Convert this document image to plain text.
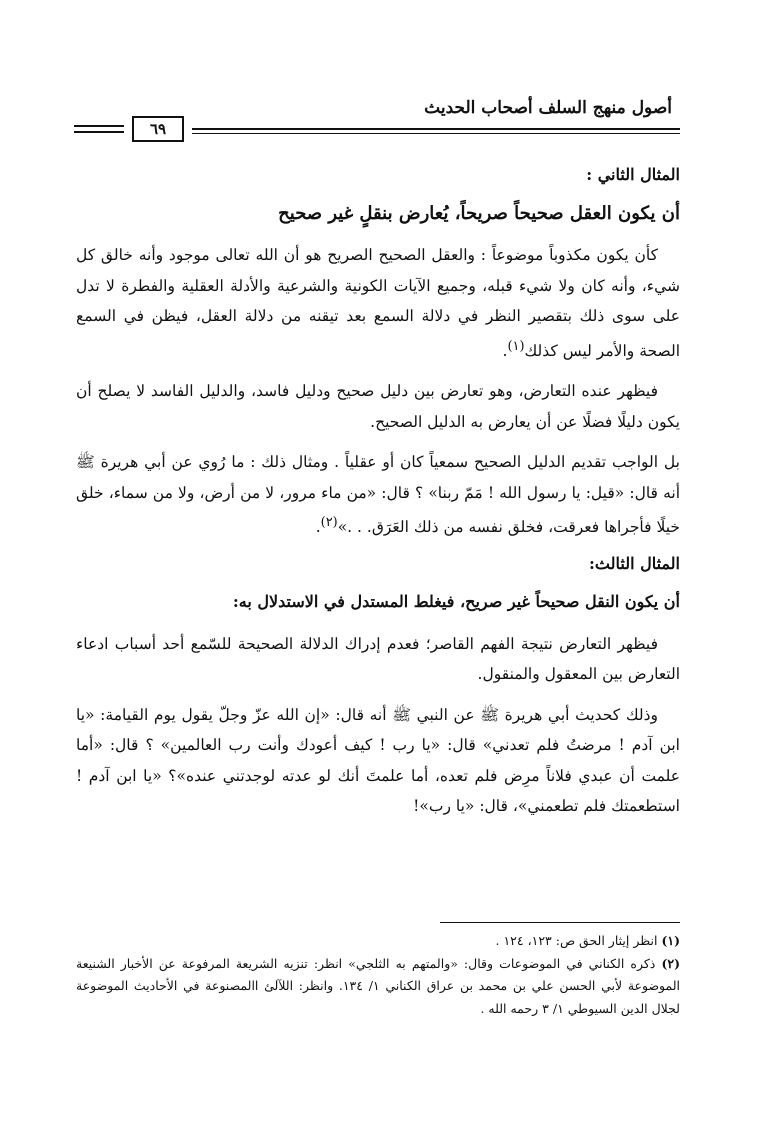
أصول منهج السلف أصحاب الحديث
٦٩

المثال الثاني :

أن يكون العقل صحيحاً صريحاً، يُعارض بنقلٍ غير صحيح

كأن يكون مكذوباً موضوعاً : والعقل الصحيح الصريح هو أن الله تعالى موجود وأنه خالق كل شيء، وأنه كان ولا شيء قبله، وجميع الآيات الكونية والشرعية والأدلة العقلية والفطرة لا تدل على سوى ذلك بتقصير النظر في دلالة السمع بعد تيقنه من دلالة العقل، فيظن في السمع الصحة والأمر ليس كذلك$^{(١)}$.

فيظهر عنده التعارض، وهو تعارض بين دليل صحيح ودليل فاسد، والدليل الفاسد لا يصلح أن يكون دليلًا فضلًا عن أن يعارض به الدليل الصحيح.

بل الواجب تقديم الدليل الصحيح سمعياً كان أو عقلياً . ومثال ذلك : ما رُوي عن أبي هريرة ﷺ أنه قال: «قيل: يا رسول الله ! مَمّ ربنا» ؟ قال: «من ماء مرور، لا من أرض، ولا من سماء، خلق خيلًا فأجراها فعرقت، فخلق نفسه من ذلك العَرَق. . .»$^{(٢)}$.

المثال الثالث:

أن يكون النقل صحيحاً غير صريح، فيغلط المستدل في الاستدلال به:

فيظهر التعارض نتيجة الفهم القاصر؛ فعدم إدراك الدلالة الصحيحة للسّمع أحد أسباب ادعاء التعارض بين المعقول والمنقول.

وذلك كحديث أبي هريرة ﷺ عن النبي ﷺ أنه قال: «إن الله عزّ وجلّ يقول يوم القيامة: «يا ابن آدم ! مرضتُ فلم تعدني» قال: «يا رب ! كيف أعودك وأنت رب العالمين» ؟ قال: «أما علمت أن عبدي فلاناً مرِض فلم تعده، أما علمتَ أنك لو عدته لوجدتني عنده»؟ «يا ابن آدم ! استطعمتك فلم تطعمني»، قال: «يا رب»!

(١) انظر إيثار الحق ص: ١٢٣، ١٢٤ .

(٢) ذكره الكناني في الموضوعات وقال: «والمتهم به الثلجي» انظر: تنزيه الشريعة المرفوعة عن الأخبار الشنيعة الموضوعة لأبي الحسن علي بن محمد بن عراق الكناني ١/ ١٣٤. وانظر: اللآلئ االمصنوعة في الأحاديث الموضوعة لجلال الدين السيوطي ١/ ٣ رحمه الله .
